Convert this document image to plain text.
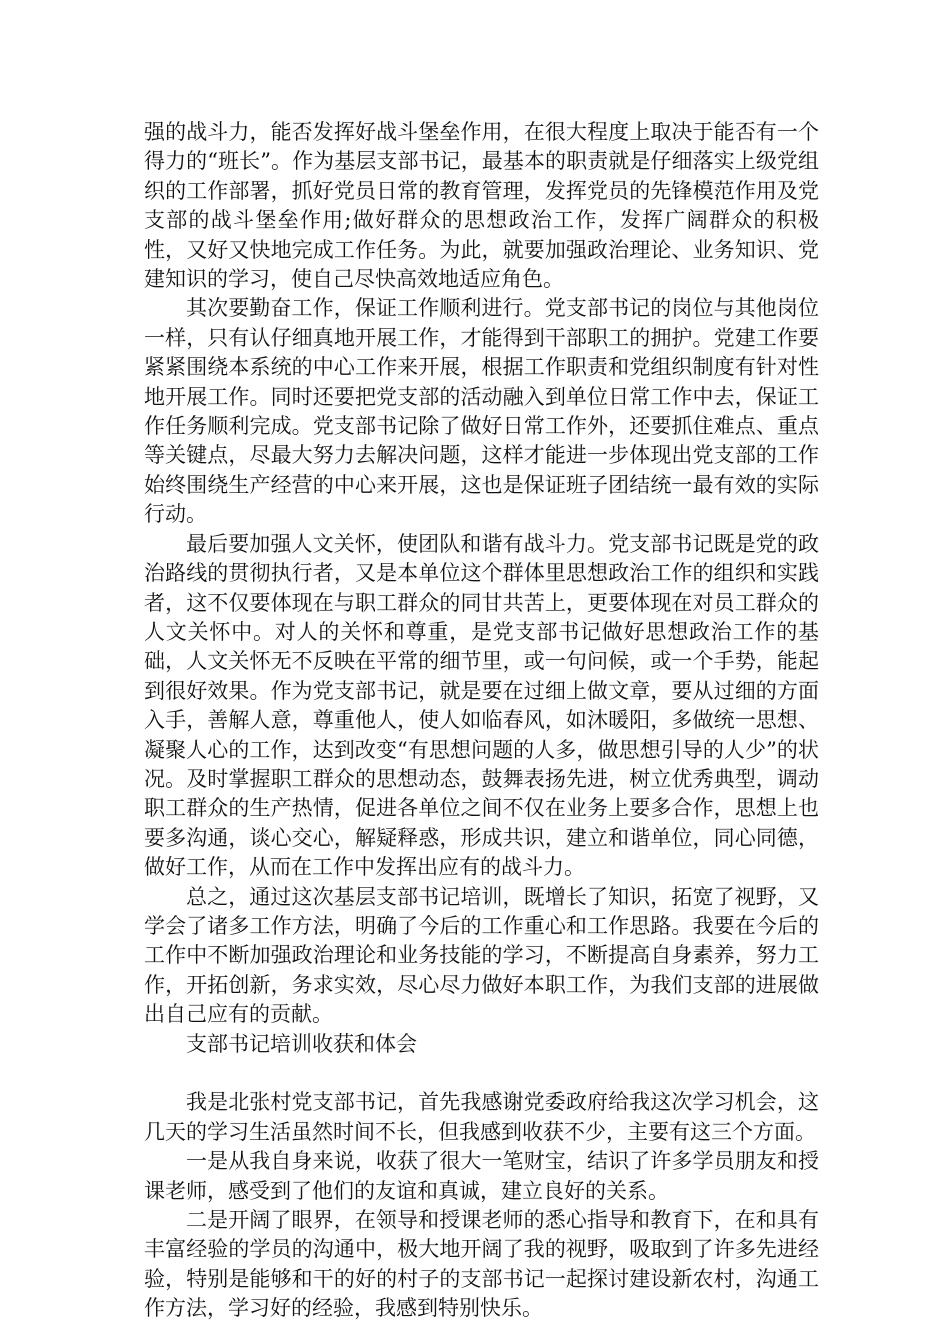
强的战斗力，能否发挥好战斗堡垒作用，在很大程度上取决于能否有一个得力的“班长”。作为基层支部书记，最基本的职责就是仔细落实上级党组织的工作部署，抓好党员日常的教育管理，发挥党员的先锋模范作用及党支部的战斗堡垒作用;做好群众的思想政治工作，发挥广阔群众的积极性，又好又快地完成工作任务。为此，就要加强政治理论、业务知识、党建知识的学习，使自己尽快高效地适应角色。

其次要勤奋工作，保证工作顺利进行。党支部书记的岗位与其他岗位一样，只有认仔细真地开展工作，才能得到干部职工的拥护。党建工作要紧紧围绕本系统的中心工作来开展，根据工作职责和党组织制度有针对性地开展工作。同时还要把党支部的活动融入到单位日常工作中去，保证工作任务顺利完成。党支部书记除了做好日常工作外，还要抓住难点、重点等关键点，尽最大努力去解决问题，这样才能进一步体现出党支部的工作始终围绕生产经营的中心来开展，这也是保证班子团结统一最有效的实际行动。

最后要加强人文关怀，使团队和谐有战斗力。党支部书记既是党的政治路线的贯彻执行者，又是本单位这个群体里思想政治工作的组织和实践者，这不仅要体现在与职工群众的同甘共苦上，更要体现在对员工群众的人文关怀中。对人的关怀和尊重，是党支部书记做好思想政治工作的基础，人文关怀无不反映在平常的细节里，或一句问候，或一个手势，能起到很好效果。作为党支部书记，就是要在过细上做文章，要从过细的方面入手，善解人意，尊重他人，使人如临春风，如沐暖阳，多做统一思想、凝聚人心的工作，达到改变“有思想问题的人多，做思想引导的人少”的状况。及时掌握职工群众的思想动态，鼓舞表扬先进，树立优秀典型，调动职工群众的生产热情，促进各单位之间不仅在业务上要多合作，思想上也要多沟通，谈心交心，解疑释惑，形成共识，建立和谐单位，同心同德，做好工作，从而在工作中发挥出应有的战斗力。

总之，通过这次基层支部书记培训，既增长了知识，拓宽了视野，又学会了诸多工作方法，明确了今后的工作重心和工作思路。我要在今后的工作中不断加强政治理论和业务技能的学习，不断提高自身素养，努力工作，开拓创新，务求实效，尽心尽力做好本职工作，为我们支部的进展做出自己应有的贡献。

支部书记培训收获和体会

我是北张村党支部书记，首先我感谢党委政府给我这次学习机会，这几天的学习生活虽然时间不长，但我感到收获不少，主要有这三个方面。

一是从我自身来说，收获了很大一笔财宝，结识了许多学员朋友和授课老师，感受到了他们的友谊和真诚，建立良好的关系。

二是开阔了眼界，在领导和授课老师的悉心指导和教育下，在和具有丰富经验的学员的沟通中，极大地开阔了我的视野，吸取到了许多先进经验，特别是能够和干的好的村子的支部书记一起探讨建设新农村，沟通工作方法，学习好的经验，我感到特别快乐。
